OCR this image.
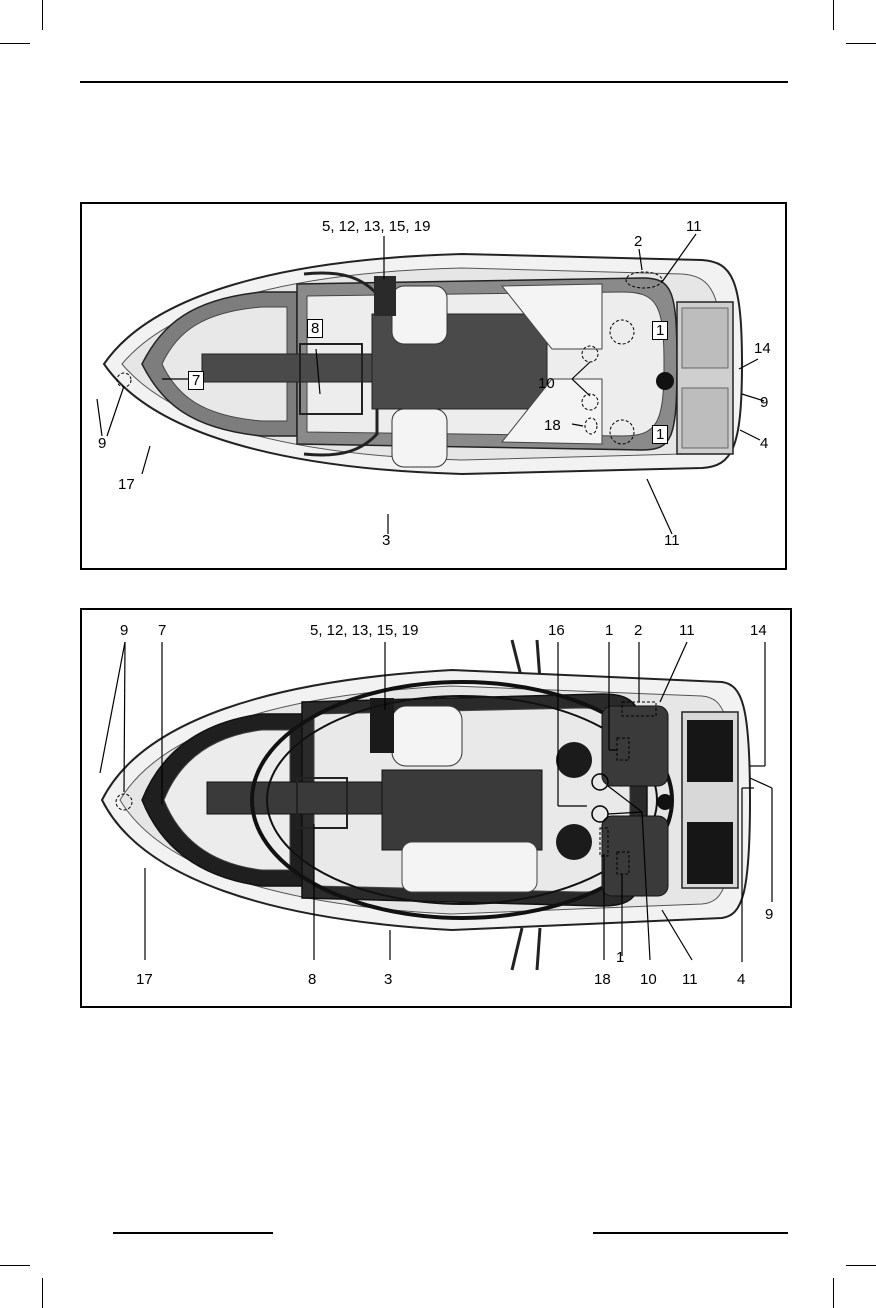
5, 12, 13, 15, 19	11
2
8	1
14
7	10
9
18
1
9	4
17
3	11
9 7	5, 12, 13, 15, 19	16	1 2 11	14
9
1
17	8	3	18 10 11	4
